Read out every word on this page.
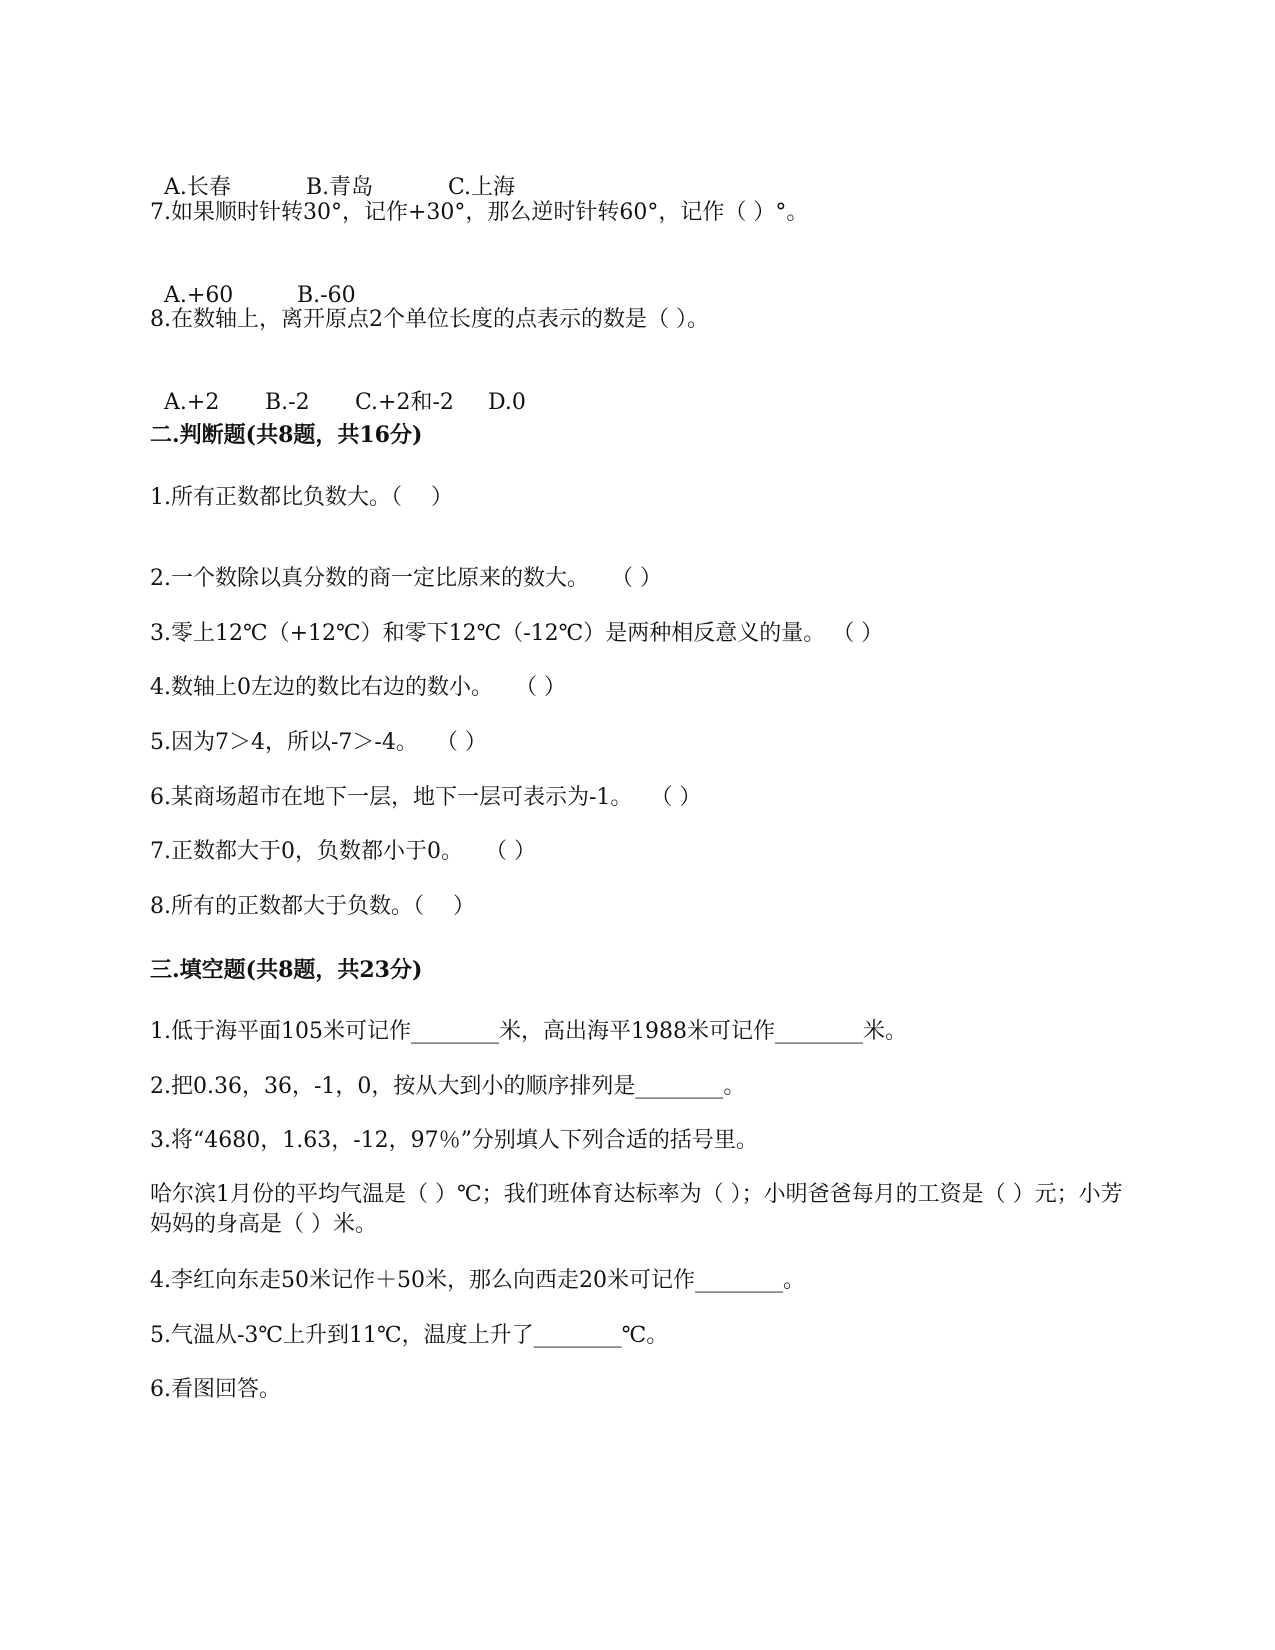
A.长春	B.青岛	C.上海

7.如果顺时针转30°，记作+30°，那么逆时针转60°，记作（ ）°。

A.+60	B.-60

8.在数轴上，离开原点2个单位长度的点表示的数是（ ）。

A.+2 B.-2 C.+2和-2 D.0

二.判断题(共8题，共16分)
1.所有正数都比负数大。（　 ）
2.一个数除以真分数的商一定比原来的数大。　　（ ）
3.零上12℃（+12℃）和零下12℃（-12℃）是两种相反意义的量。 （ ）
4.数轴上0左边的数比右边的数小。　　（ ）
5.因为7＞4，所以-7＞-4。　 （ ）
6.某商场超市在地下一层，地下一层可表示为-1。　 （ ）
7.正数都大于0，负数都小于0。　　（ ）
8.所有的正数都大于负数。（　 ）
三.填空题(共8题，共23分)
1.低于海平面105米可记作________米，高出海平1988米可记作________米。
2.把0.36，36，-1，0，按从大到小的顺序排列是________。
3.将“4680，1.63，-12，97％”分别填人下列合适的括号里。
哈尔滨1月份的平均气温是（ ）℃；我们班体育达标率为（ ）；小明爸爸每月的工资是（ ）元；小芳妈妈的身高是（ ）米。
4.李红向东走50米记作＋50米，那么向西走20米可记作________。
5.气温从-3℃上升到11℃，温度上升了________℃。
6.看图回答。
